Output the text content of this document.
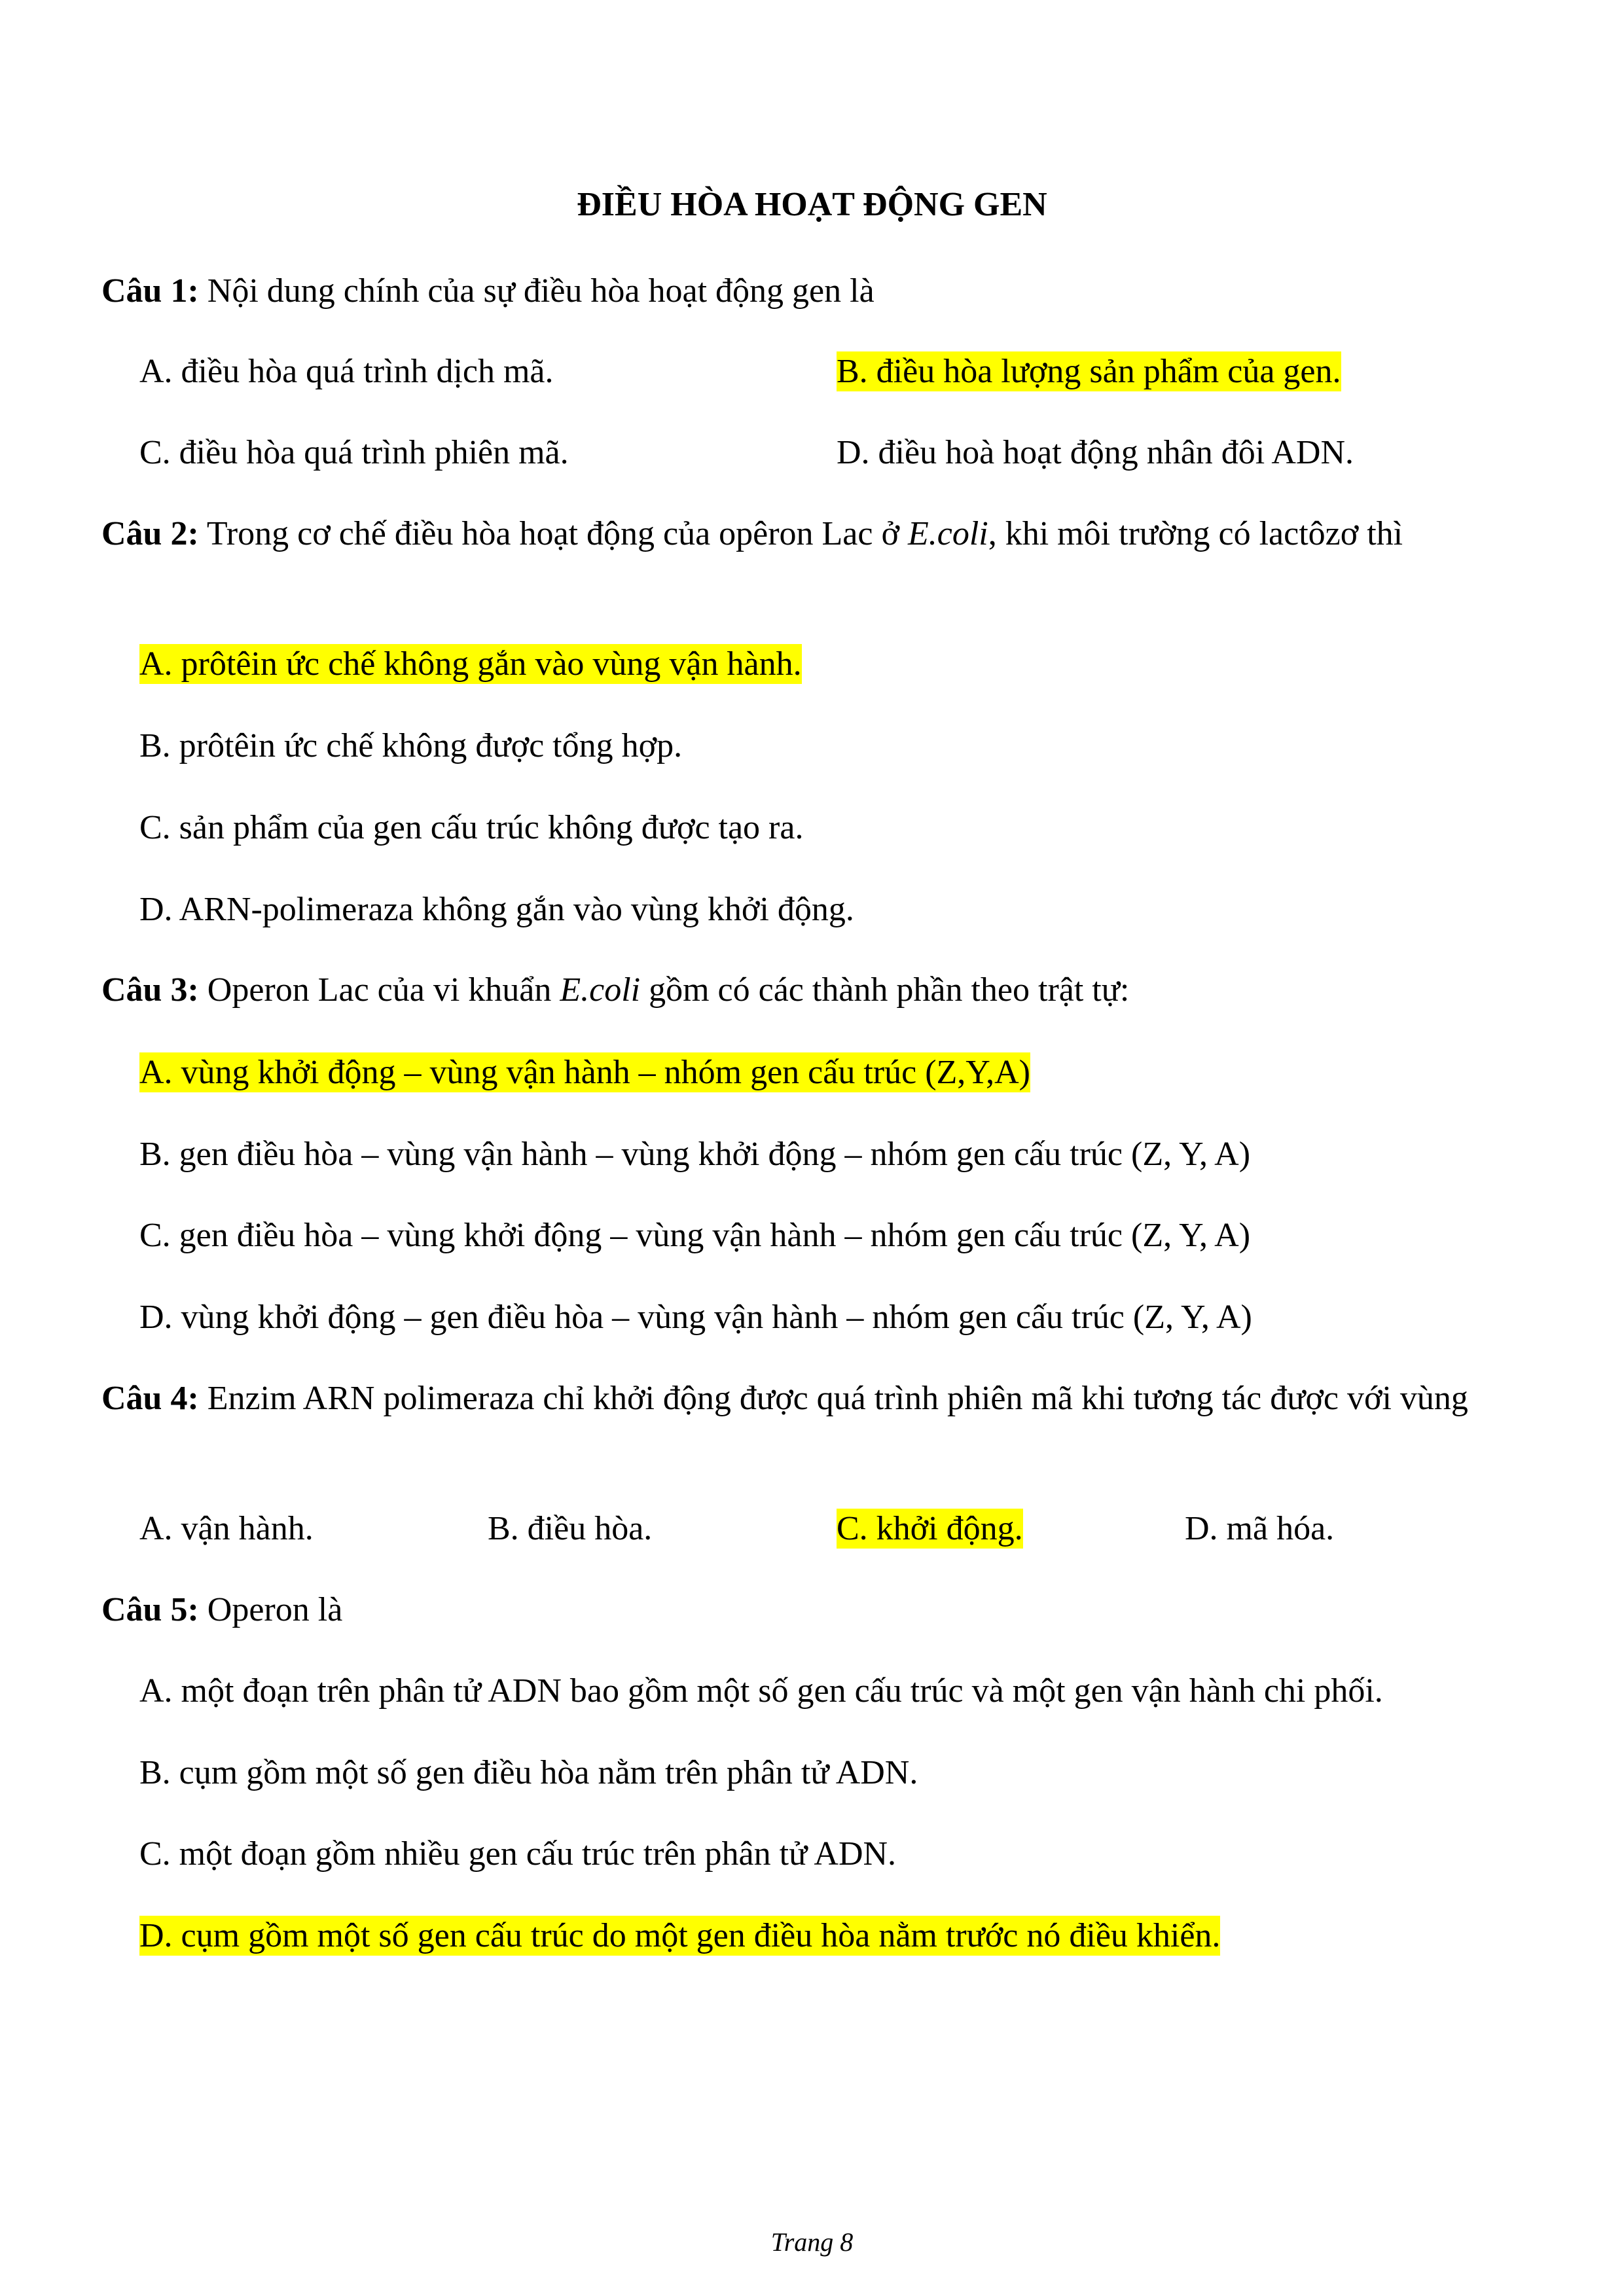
ĐIỀU HÒA HOẠT ĐỘNG GEN
Câu 1: Nội dung chính của sự điều hòa hoạt động gen là
A. điều hòa quá trình dịch mã.	B. điều hòa lượng sản phẩm của gen.
C. điều hòa quá trình phiên mã.	D. điều hoà hoạt động nhân đôi ADN.
Câu 2: Trong cơ chế điều hòa hoạt động của opêron Lac ở E.coli, khi môi trường có lactôzơ thì
A. prôtêin ức chế không gắn vào vùng vận hành.
B. prôtêin ức chế không được tổng hợp.
C. sản phẩm của gen cấu trúc không được tạo ra.
D. ARN-polimeraza không gắn vào vùng khởi động.
Câu 3: Operon Lac của vi khuẩn E.coli gồm có các thành phần theo trật tự:
A. vùng khởi động – vùng vận hành – nhóm gen cấu trúc (Z,Y,A)
B. gen điều hòa – vùng vận hành – vùng khởi động – nhóm gen cấu trúc (Z, Y, A)
C. gen điều hòa – vùng khởi động – vùng vận hành – nhóm gen cấu trúc (Z, Y, A)
D. vùng khởi động – gen điều hòa – vùng vận hành – nhóm gen cấu trúc (Z, Y, A)
Câu 4: Enzim ARN polimeraza chỉ khởi động được quá trình phiên mã khi tương tác được với vùng
A. vận hành.	B. điều hòa.	C. khởi động.	D. mã hóa.
Câu 5: Operon là
A. một đoạn trên phân tử ADN bao gồm một số gen cấu trúc và một gen vận hành chi phối.
B. cụm gồm một số gen điều hòa nằm trên phân tử ADN.
C. một đoạn gồm nhiều gen cấu trúc trên phân tử ADN.
D. cụm gồm một số gen cấu trúc do một gen điều hòa nằm trước nó điều khiển.
Trang 8
